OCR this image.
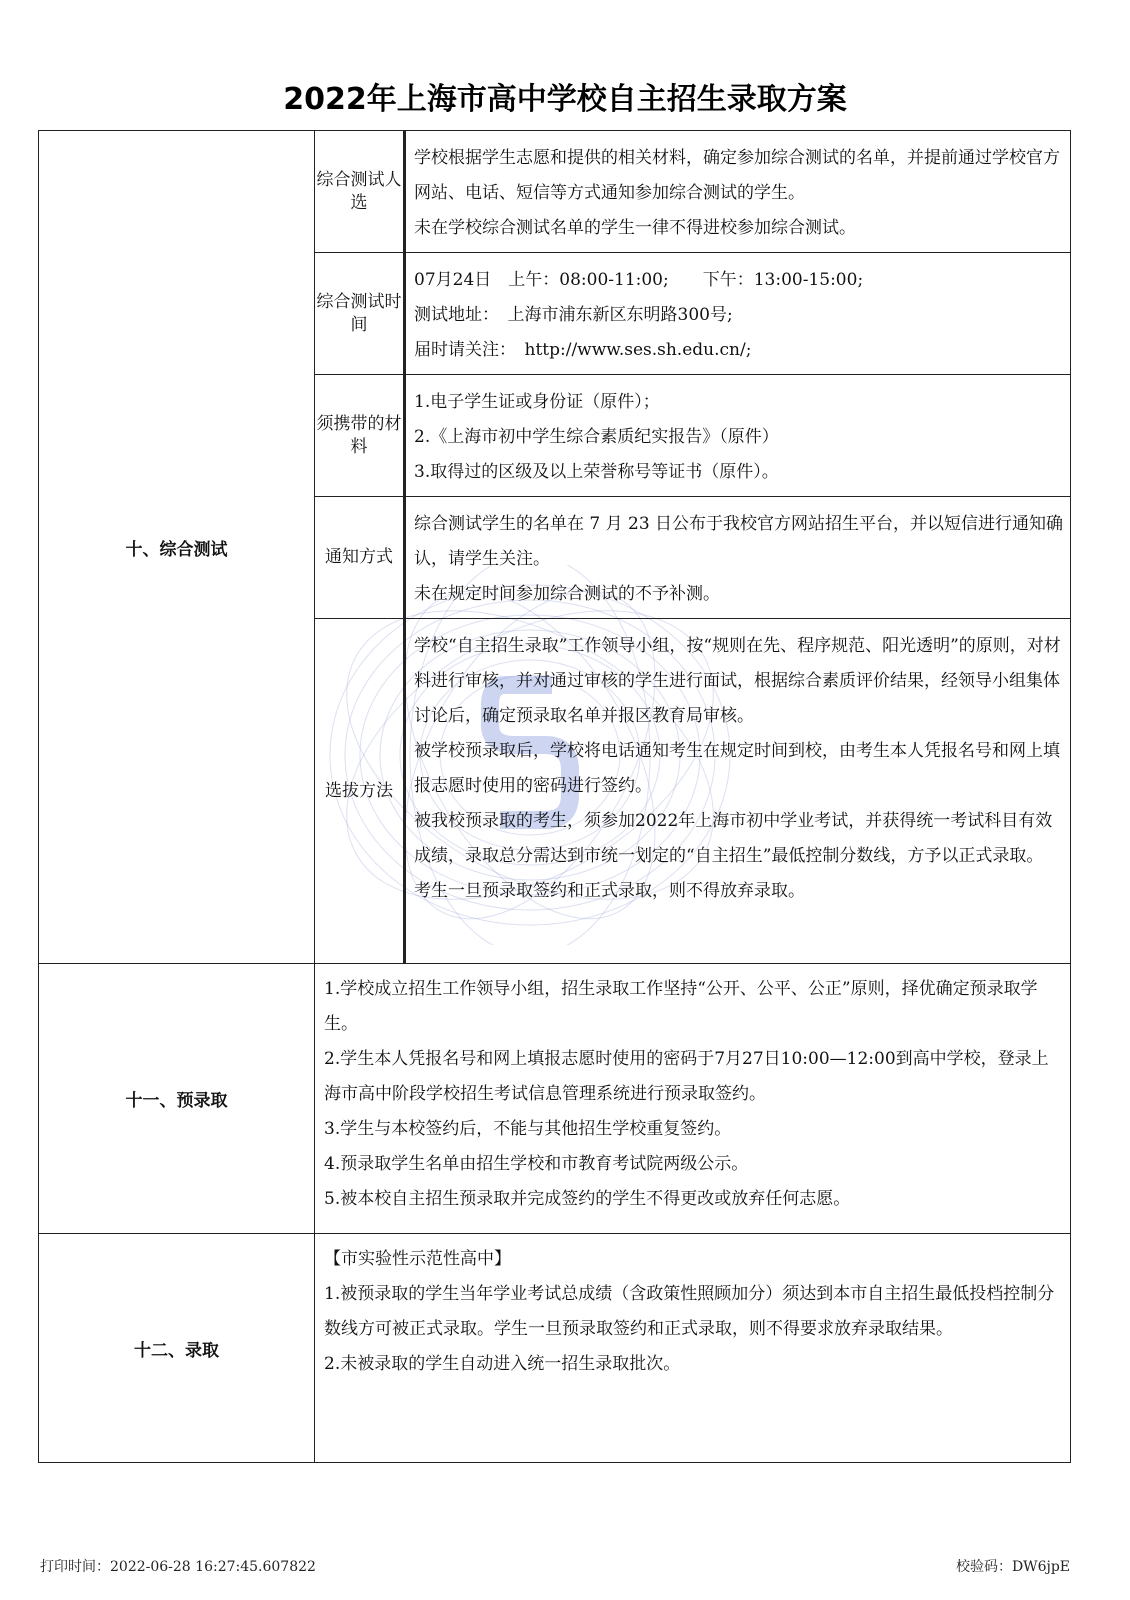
2022年上海市高中学校自主招生录取方案
十、综合测试	综合测试人选	学校根据学生志愿和提供的相关材料，确定参加综合测试的名单，并提前通过学校官方网站、电话、短信等方式通知参加综合测试的学生。

未在学校综合测试名单的学生一律不得进校参加综合测试。

	综合测试时间	07月24日　上午：08:00-11:00;　　下午：13:00-15:00;

测试地址：　上海市浦东新区东明路300号;

届时请关注：　http://www.ses.sh.edu.cn/;

	须携带的材料	1.电子学生证或身份证（原件）；

2.《上海市初中学生综合素质纪实报告》（原件）

3.取得过的区级及以上荣誉称号等证书（原件）。

	通知方式	综合测试学生的名单在 7 月 23 日公布于我校官方网站招生平台，并以短信进行通知确认，请学生关注。

未在规定时间参加综合测试的不予补测。

	选拔方法	学校“自主招生录取”工作领导小组，按“规则在先、程序规范、阳光透明”的原则，对材料进行审核，并对通过审核的学生进行面试，根据综合素质评价结果，经领导小组集体讨论后，确定预录取名单并报区教育局审核。

被学校预录取后，学校将电话通知考生在规定时间到校，由考生本人凭报名号和网上填报志愿时使用的密码进行签约。

被我校预录取的考生，须参加2022年上海市初中学业考试，并获得统一考试科目有效成绩，录取总分需达到市统一划定的“自主招生”最低控制分数线，方予以正式录取。

考生一旦预录取签约和正式录取，则不得放弃录取。

十一、预录取	1.学校成立招生工作领导小组，招生录取工作坚持“公开、公平、公正”原则，择优确定预录取学生。

2.学生本人凭报名号和网上填报志愿时使用的密码于7月27日10:00—12:00到高中学校，登录上海市高中阶段学校招生考试信息管理系统进行预录取签约。

3.学生与本校签约后，不能与其他招生学校重复签约。

4.预录取学生名单由招生学校和市教育考试院两级公示。

5.被本校自主招生预录取并完成签约的学生不得更改或放弃任何志愿。	

十二、录取	【市实验性示范性高中】

1.被预录取的学生当年学业考试总成绩（含政策性照顾加分）须达到本市自主招生最低投档控制分数线方可被正式录取。学生一旦预录取签约和正式录取，则不得要求放弃录取结果。

2.未被录取的学生自动进入统一招生录取批次。	

打印时间：2022-06-28 16:27:45.607822	校验码：DW6jpE
